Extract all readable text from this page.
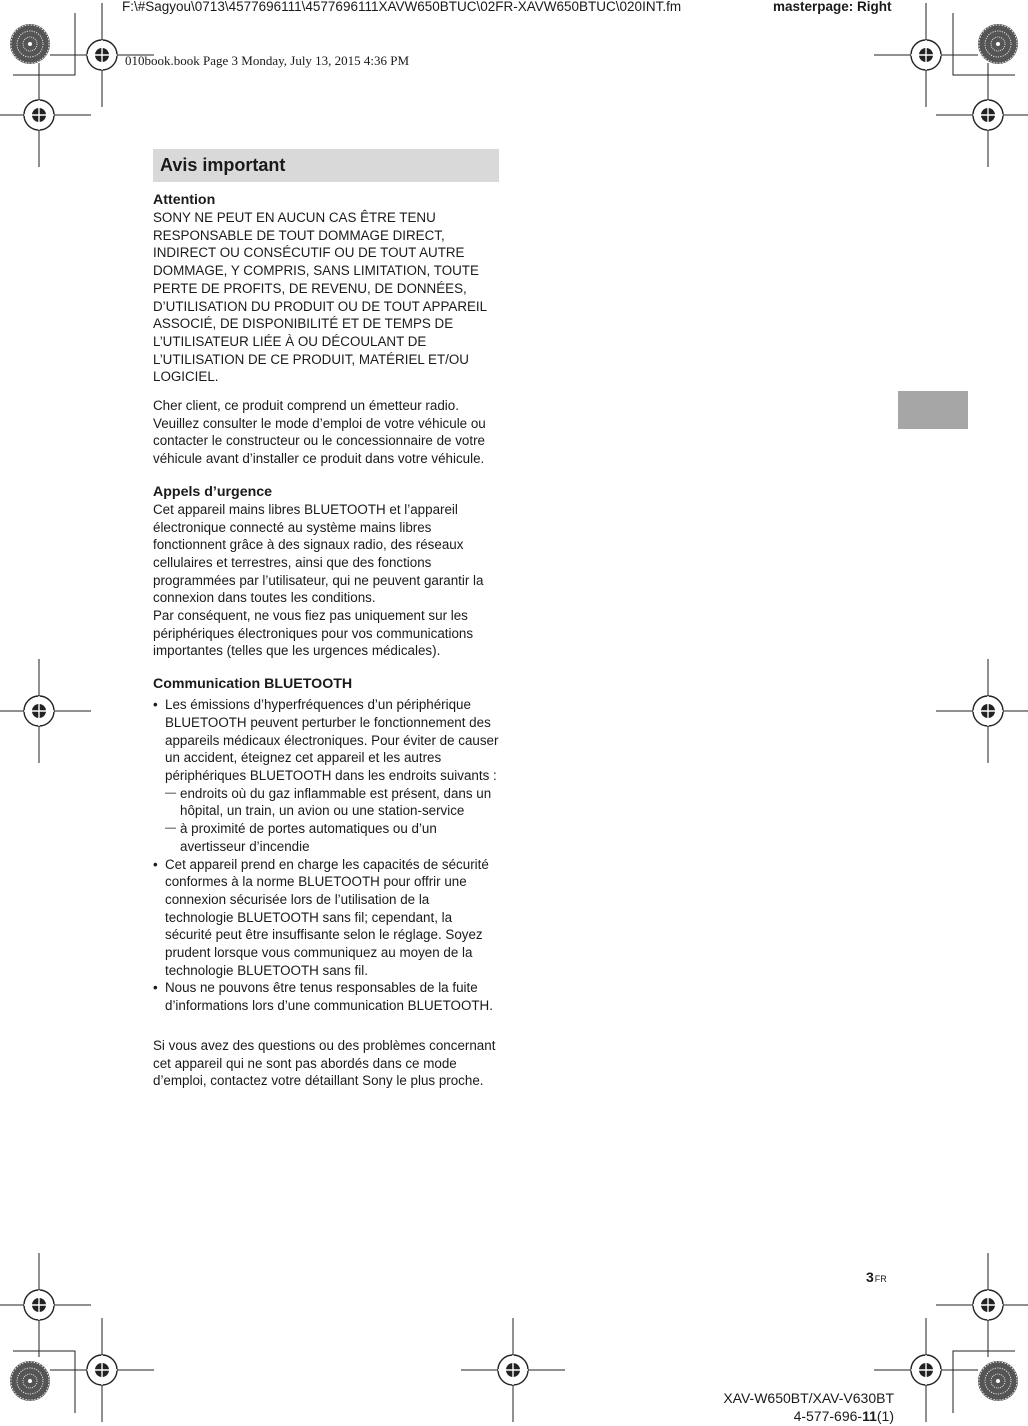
F:\#Sagyou\0713\4577696111\4577696111XAVW650BTUC\02FR-XAVW650BTUC\020INT.fm	masterpage: Right
010book.book Page 3 Monday, July 13, 2015 4:36 PM
Avis important
Attention

SONY NE PEUT EN AUCUN CAS ÊTRE TENU RESPONSABLE DE TOUT DOMMAGE DIRECT, INDIRECT OU CONSÉCUTIF OU DE TOUT AUTRE DOMMAGE, Y COMPRIS, SANS LIMITATION, TOUTE PERTE DE PROFITS, DE REVENU, DE DONNÉES, D’UTILISATION DU PRODUIT OU DE TOUT APPAREIL ASSOCIÉ, DE DISPONIBILITÉ ET DE TEMPS DE L’UTILISATEUR LIÉE À OU DÉCOULANT DE L’UTILISATION DE CE PRODUIT, MATÉRIEL ET/OU LOGICIEL.

Cher client, ce produit comprend un émetteur radio. Veuillez consulter le mode d’emploi de votre véhicule ou contacter le constructeur ou le concessionnaire de votre véhicule avant d’installer ce produit dans votre véhicule.

Appels d’urgence

Cet appareil mains libres BLUETOOTH et l’appareil électronique connecté au système mains libres fonctionnent grâce à des signaux radio, des réseaux cellulaires et terrestres, ainsi que des fonctions programmées par l’utilisateur, qui ne peuvent garantir la connexion dans toutes les conditions.

Par conséquent, ne vous fiez pas uniquement sur les périphériques électroniques pour vos communications importantes (telles que les urgences médicales).

Communication BLUETOOTH
• Les émissions d’hyperfréquences d’un périphérique BLUETOOTH peuvent perturber le fonctionnement des appareils médicaux électroniques. Pour éviter de causer un accident, éteignez cet appareil et les autres périphériques BLUETOOTH dans les endroits suivants :
— endroits où du gaz inflammable est présent, dans un hôpital, un train, un avion ou une station-service
— à proximité de portes automatiques ou d’un avertisseur d’incendie
• Cet appareil prend en charge les capacités de sécurité conformes à la norme BLUETOOTH pour offrir une connexion sécurisée lors de l’utilisation de la technologie BLUETOOTH sans fil; cependant, la sécurité peut être insuffisante selon le réglage. Soyez prudent lorsque vous communiquez au moyen de la technologie BLUETOOTH sans fil.
• Nous ne pouvons être tenus responsables de la fuite d’informations lors d’une communication BLUETOOTH.

Si vous avez des questions ou des problèmes concernant cet appareil qui ne sont pas abordés dans ce mode d’emploi, contactez votre détaillant Sony le plus proche.

3FR
XAV-W650BT/XAV-V630BT
4-577-696-11(1)
